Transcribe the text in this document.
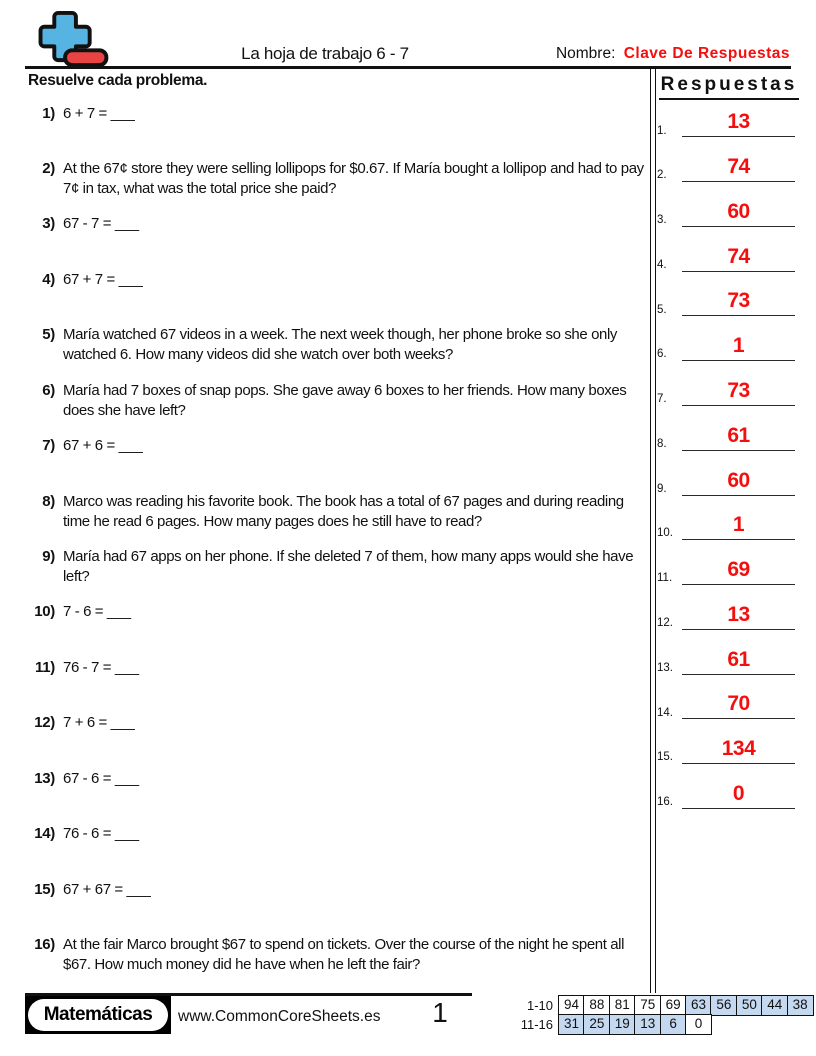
La hoja de trabajo 6 - 7	Nombre: Clave De Respuestas
Resuelve cada problema.
1) 6 + 7 = ___
2) At the 67¢ store they were selling lollipops for $0.67. If María bought a lollipop and had to pay 7¢ in tax, what was the total price she paid?
3) 67 - 7 = ___
4) 67 + 7 = ___
5) María watched 67 videos in a week. The next week though, her phone broke so she only watched 6. How many videos did she watch over both weeks?
6) María had 7 boxes of snap pops. She gave away 6 boxes to her friends. How many boxes does she have left?
7) 67 + 6 = ___
8) Marco was reading his favorite book. The book has a total of 67 pages and during reading time he read 6 pages. How many pages does he still have to read?
9) María had 67 apps on her phone. If she deleted 7 of them, how many apps would she have left?
10) 7 - 6 = ___
11) 76 - 7 = ___
12) 7 + 6 = ___
13) 67 - 6 = ___
14) 76 - 6 = ___
15) 67 + 67 = ___
16) At the fair Marco brought $67 to spend on tickets. Over the course of the night he spent all $67. How much money did he have when he left the fair?
Respuestas
1.	13
2.	74
3.	60
4.	74
5.	73
6.	1
7.	73
8.	61
9.	60
10.	1
11.	69
12.	13
13.	61
14.	70
15. 134
16.	0
Matemáticas	www.CommonCoreSheets.es	1	1-10 94 88 81 75 69 63 56 50 44 38
11-16 31 25 19 13	6	0
